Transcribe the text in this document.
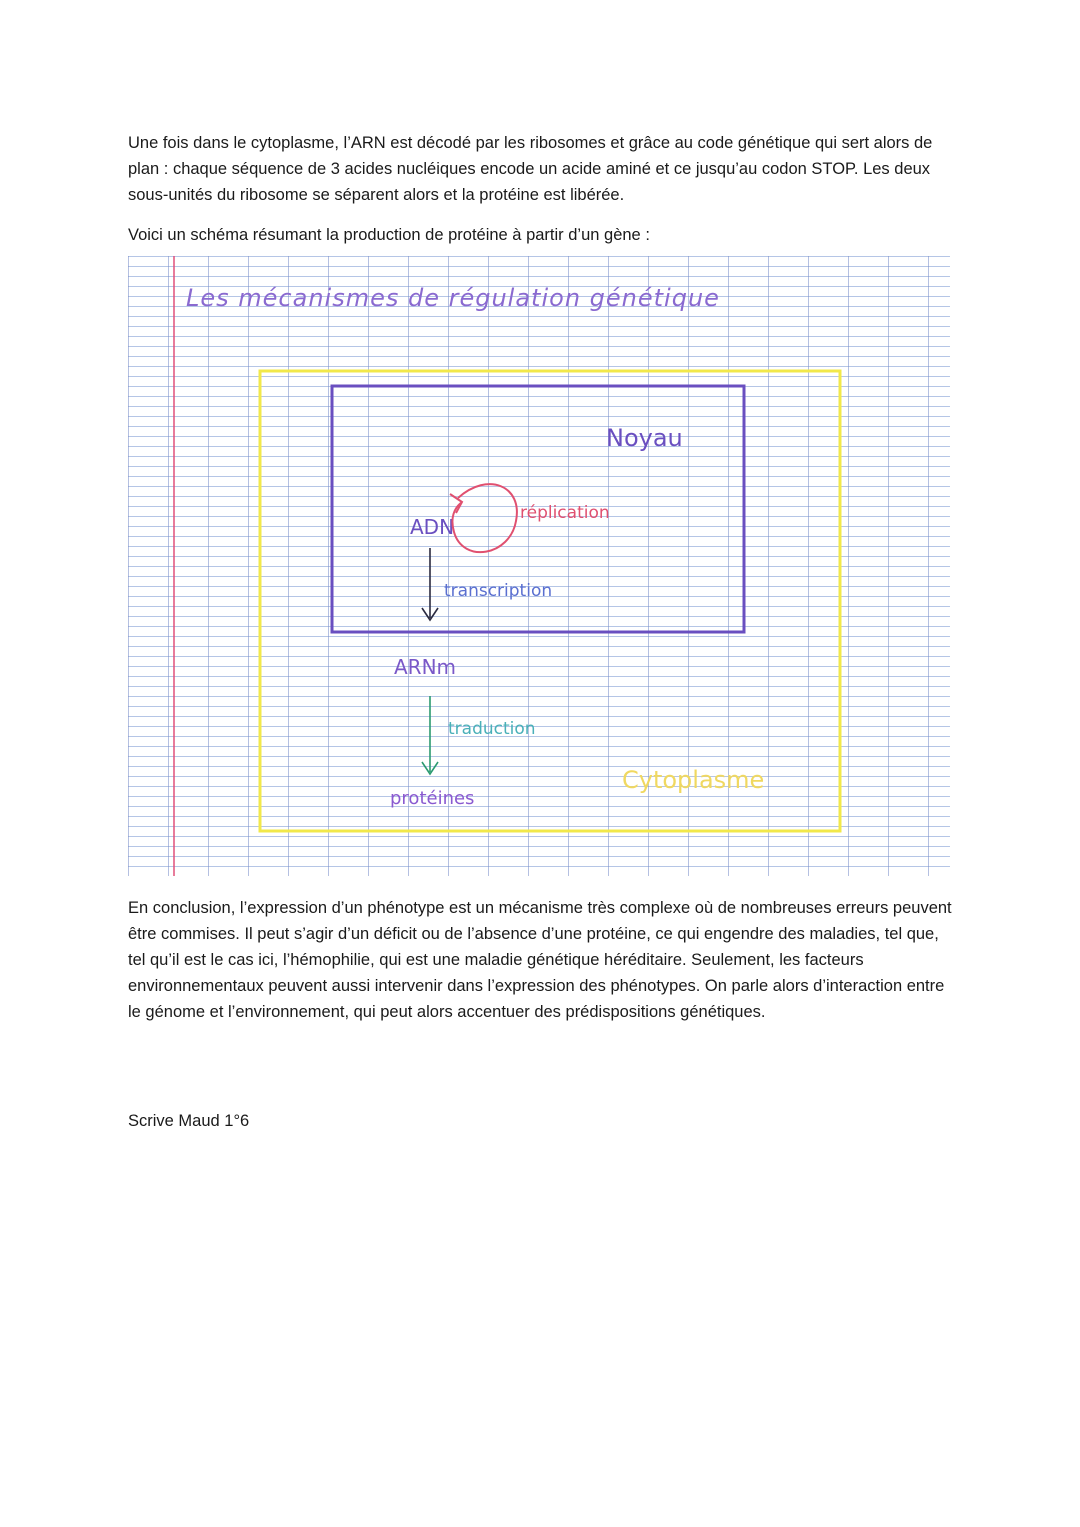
Une fois dans le cytoplasme, l’ARN est décodé par les ribosomes et grâce au code génétique qui sert alors de plan : chaque séquence de 3 acides nucléiques encode un acide aminé et ce jusqu’au codon STOP. Les deux sous-unités du ribosome se séparent alors et la protéine est libérée.

Voici un schéma résumant la production de protéine à partir d’un gène :

Les mécanismes de régulation génétique
Noyau
ADN
réplication
transcription
ARNm
traduction
protéines
Cytoplasme

En conclusion, l’expression d’un phénotype est un mécanisme très complexe où de nombreuses erreurs peuvent être commises. Il peut s’agir d’un déficit ou de l’absence d’une protéine, ce qui engendre des maladies, tel que, tel qu’il est le cas ici, l’hémophilie, qui est une maladie génétique héréditaire. Seulement, les facteurs environnementaux peuvent aussi intervenir dans l’expression des phénotypes. On parle alors d’interaction entre le génome et l’environnement, qui peut alors accentuer des prédispositions génétiques.

Scrive Maud 1°6
